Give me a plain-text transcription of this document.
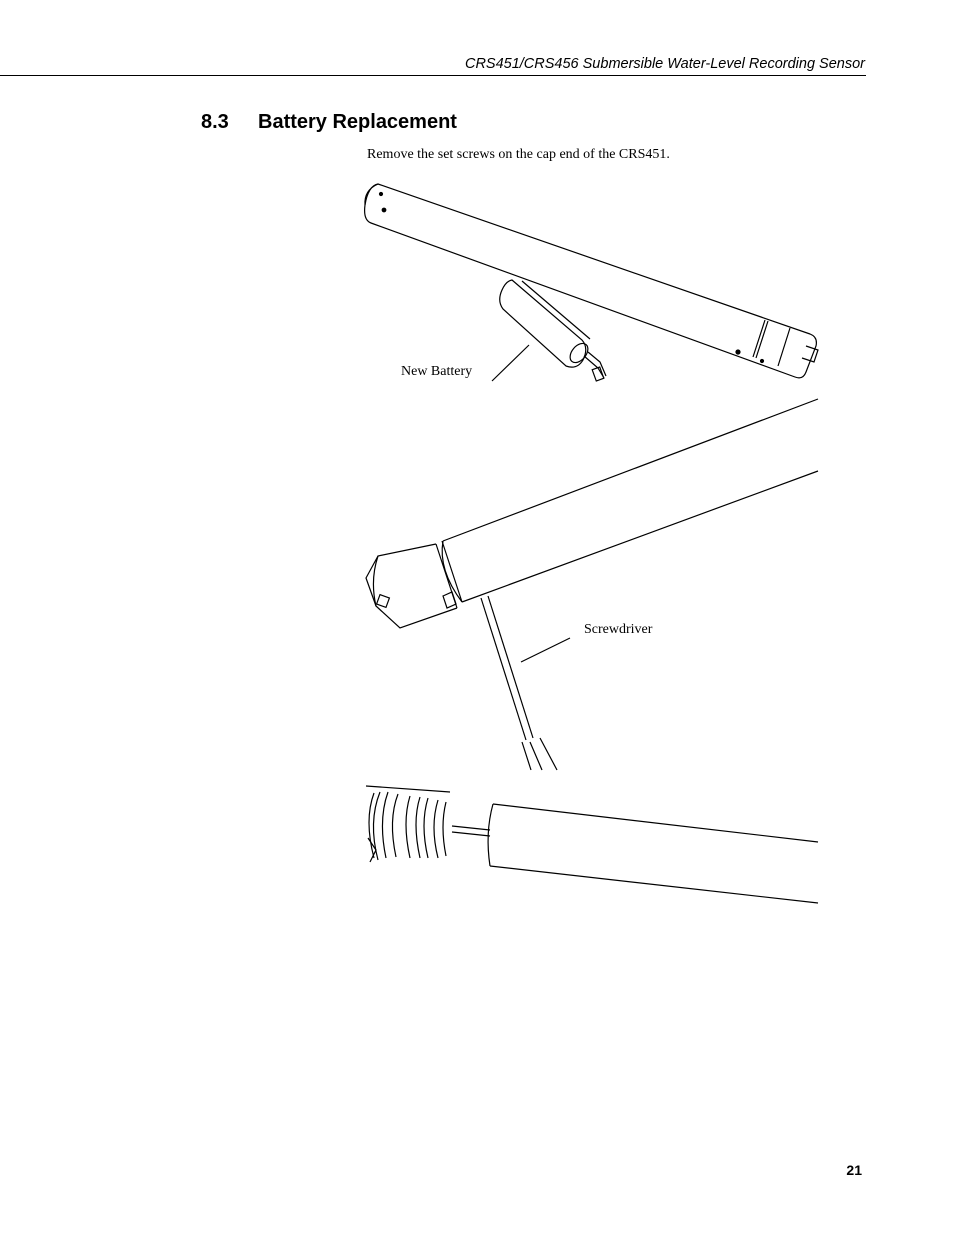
CRS451/CRS456 Submersible Water-Level Recording Sensor
8.3 Battery Replacement
Remove the set screws on the cap end of the CRS451.
New Battery
Screwdriver
21
